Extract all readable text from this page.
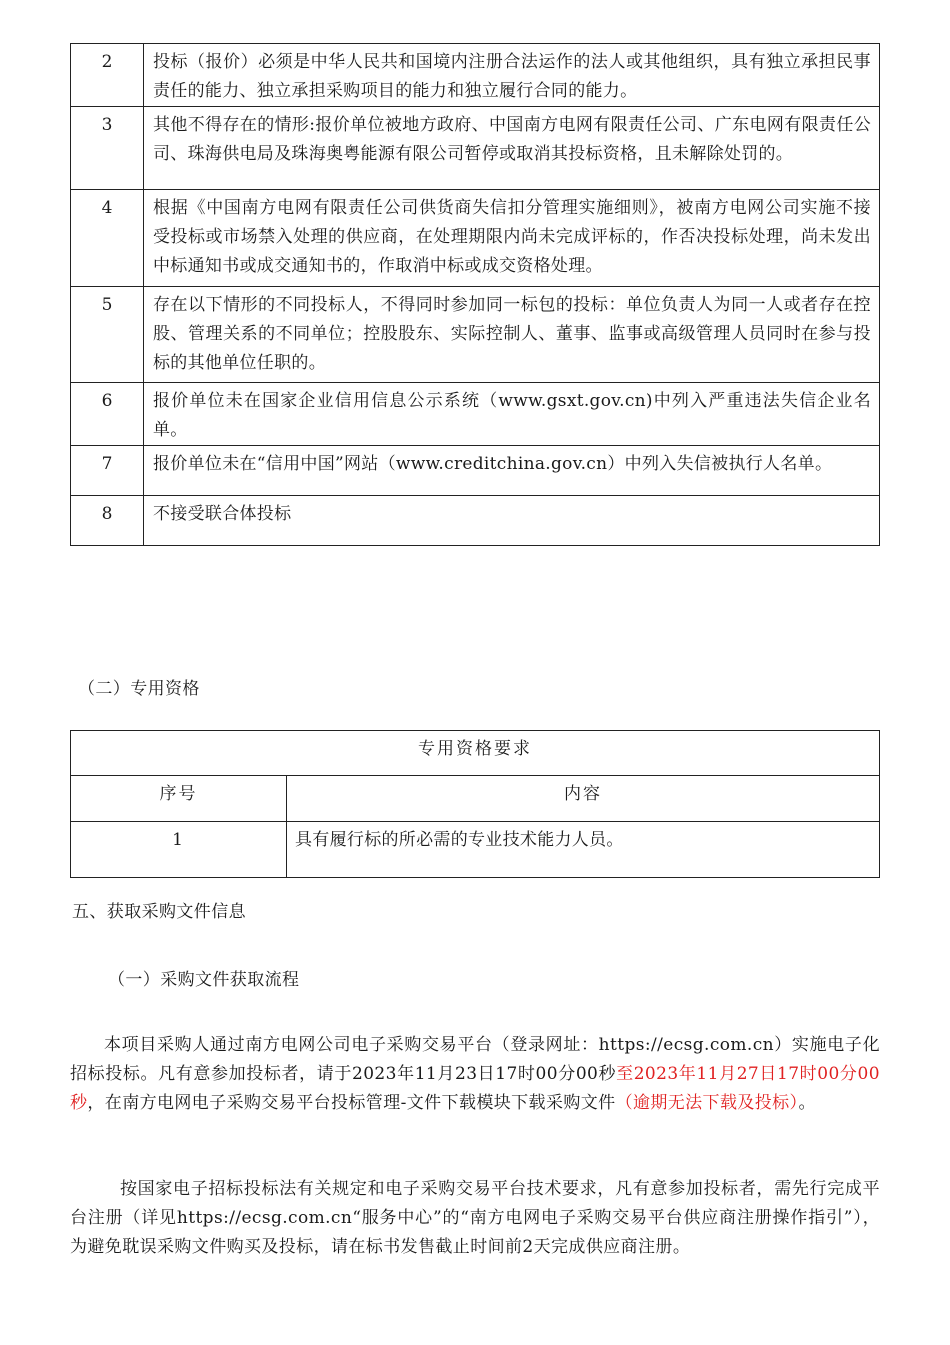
2	投标（报价）必须是中华人民共和国境内注册合法运作的法人或其他组织，具有独立承担民事责任的能力、独立承担采购项目的能力和独立履行合同的能力。
3	其他不得存在的情形:报价单位被地方政府、中国南方电网有限责任公司、广东电网有限责任公司、珠海供电局及珠海奥粤能源有限公司暂停或取消其投标资格，且未解除处罚的。
4	根据《中国南方电网有限责任公司供货商失信扣分管理实施细则》，被南方电网公司实施不接受投标或市场禁入处理的供应商，在处理期限内尚未完成评标的，作否决投标处理，尚未发出中标通知书或成交通知书的，作取消中标或成交资格处理。
5	存在以下情形的不同投标人，不得同时参加同一标包的投标：单位负责人为同一人或者存在控股、管理关系的不同单位；控股股东、实际控制人、董事、监事或高级管理人员同时在参与投标的其他单位任职的。
6	报价单位未在国家企业信用信息公示系统（www.gsxt.gov.cn)中列入严重违法失信企业名单。
7	报价单位未在“信用中国”网站（www.creditchina.gov.cn）中列入失信被执行人名单。
8	不接受联合体投标
（二）专用资格
专用资格要求	
序号	内容
1	具有履行标的所必需的专业技术能力人员。
五、获取采购文件信息
（一）采购文件获取流程
本项目采购人通过南方电网公司电子采购交易平台（登录网址：https://ecsg.com.cn）实施电子化招标投标。凡有意参加投标者，请于2023年11月23日17时00分00秒至2023年11月27日17时00分00秒，在南方电网电子采购交易平台投标管理-文件下载模块下载采购文件（逾期无法下载及投标）。
按国家电子招标投标法有关规定和电子采购交易平台技术要求，凡有意参加投标者，需先行完成平台注册（详见https://ecsg.com.cn“服务中心”的“南方电网电子采购交易平台供应商注册操作指引”），为避免耽误采购文件购买及投标，请在标书发售截止时间前2天完成供应商注册。
